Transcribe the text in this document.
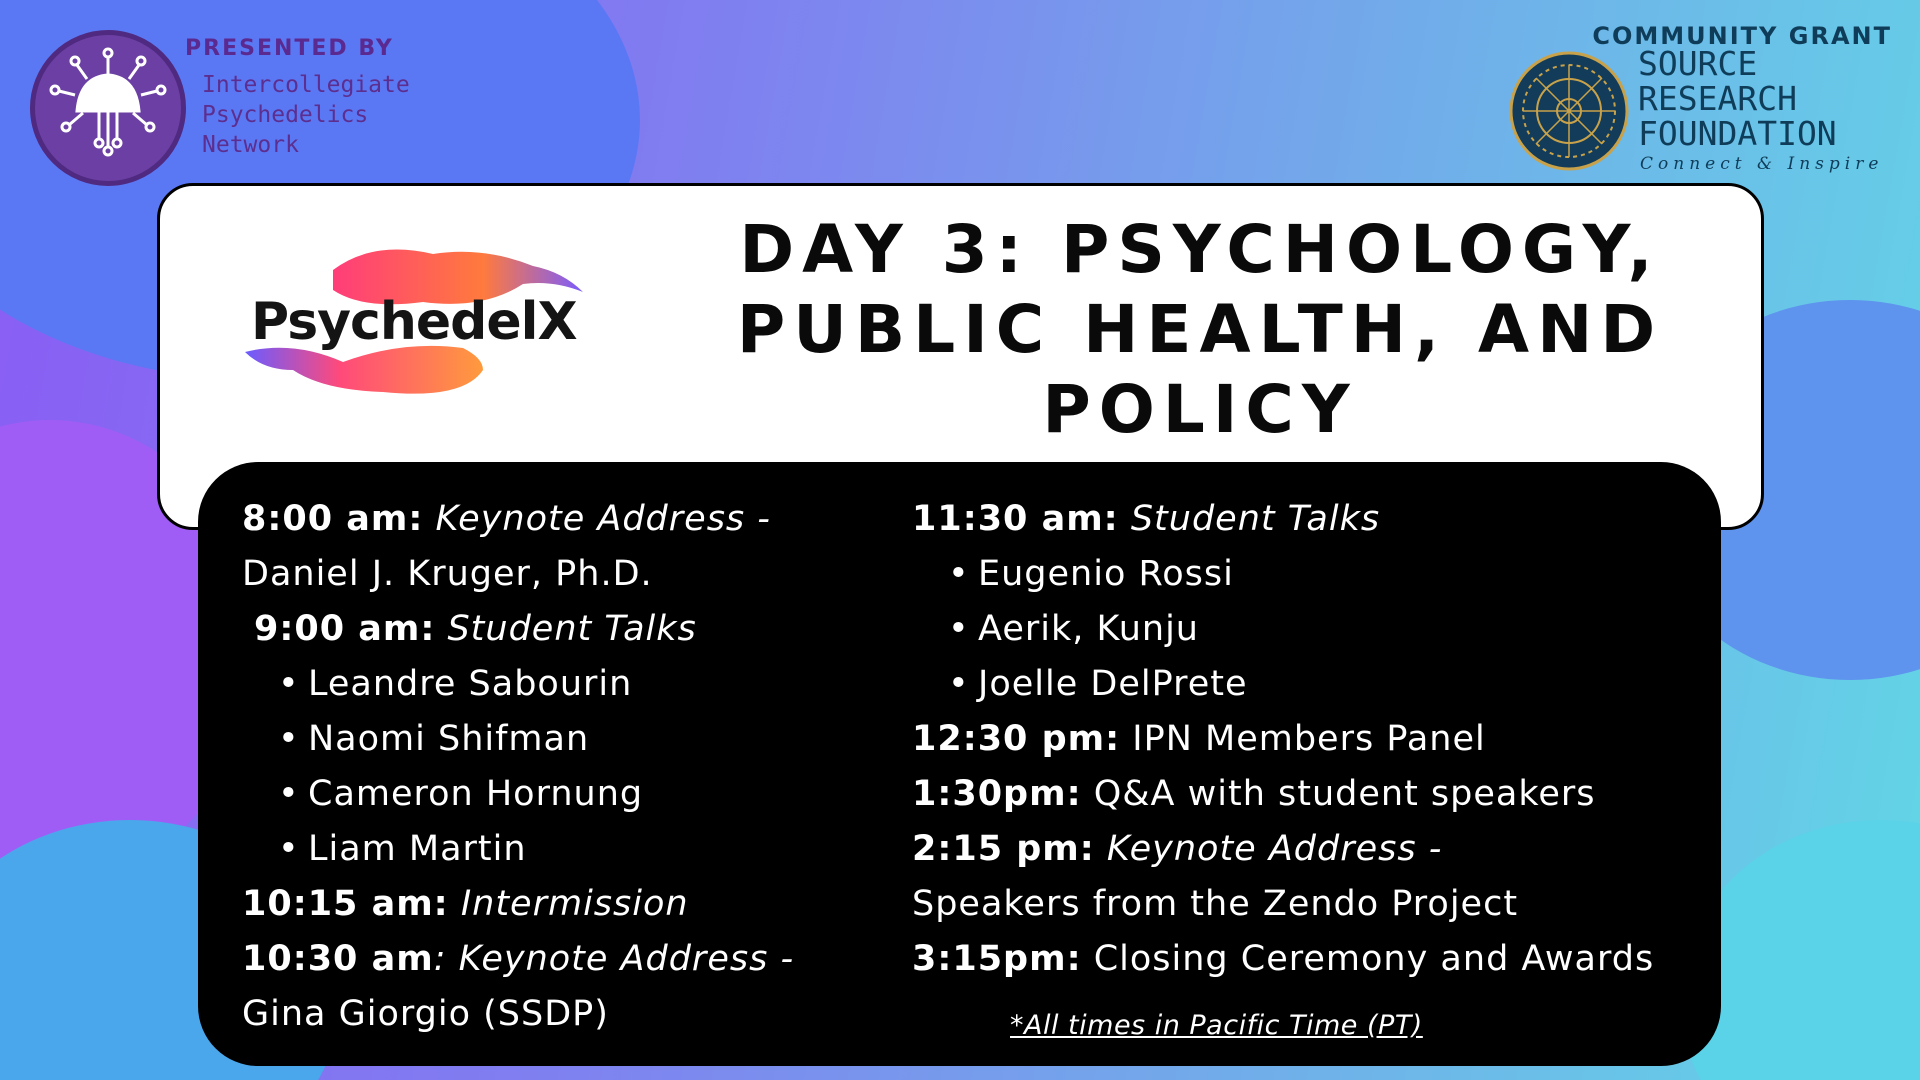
PRESENTED BY
Intercollegiate
Psychedelics
Network
COMMUNITY GRANT
SOURCE
RESEARCH
FOUNDATION
Connect & Inspire
PsychedelX
DAY 3: PSYCHOLOGY, PUBLIC HEALTH, AND POLICY
8:00 am: Keynote Address -
Daniel J. Kruger, Ph.D.
9:00 am: Student Talks
• Leandre Sabourin
• Naomi Shifman
• Cameron Hornung
• Liam Martin
10:15 am: Intermission
10:30 am: Keynote Address -
Gina Giorgio (SSDP)
11:30 am: Student Talks
• Eugenio Rossi
• Aerik, Kunju
• Joelle DelPrete
12:30 pm: IPN Members Panel
1:30pm: Q&A with student speakers
2:15 pm: Keynote Address -
Speakers from the Zendo Project
3:15pm: Closing Ceremony and Awards
*All times in Pacific Time (PT)
